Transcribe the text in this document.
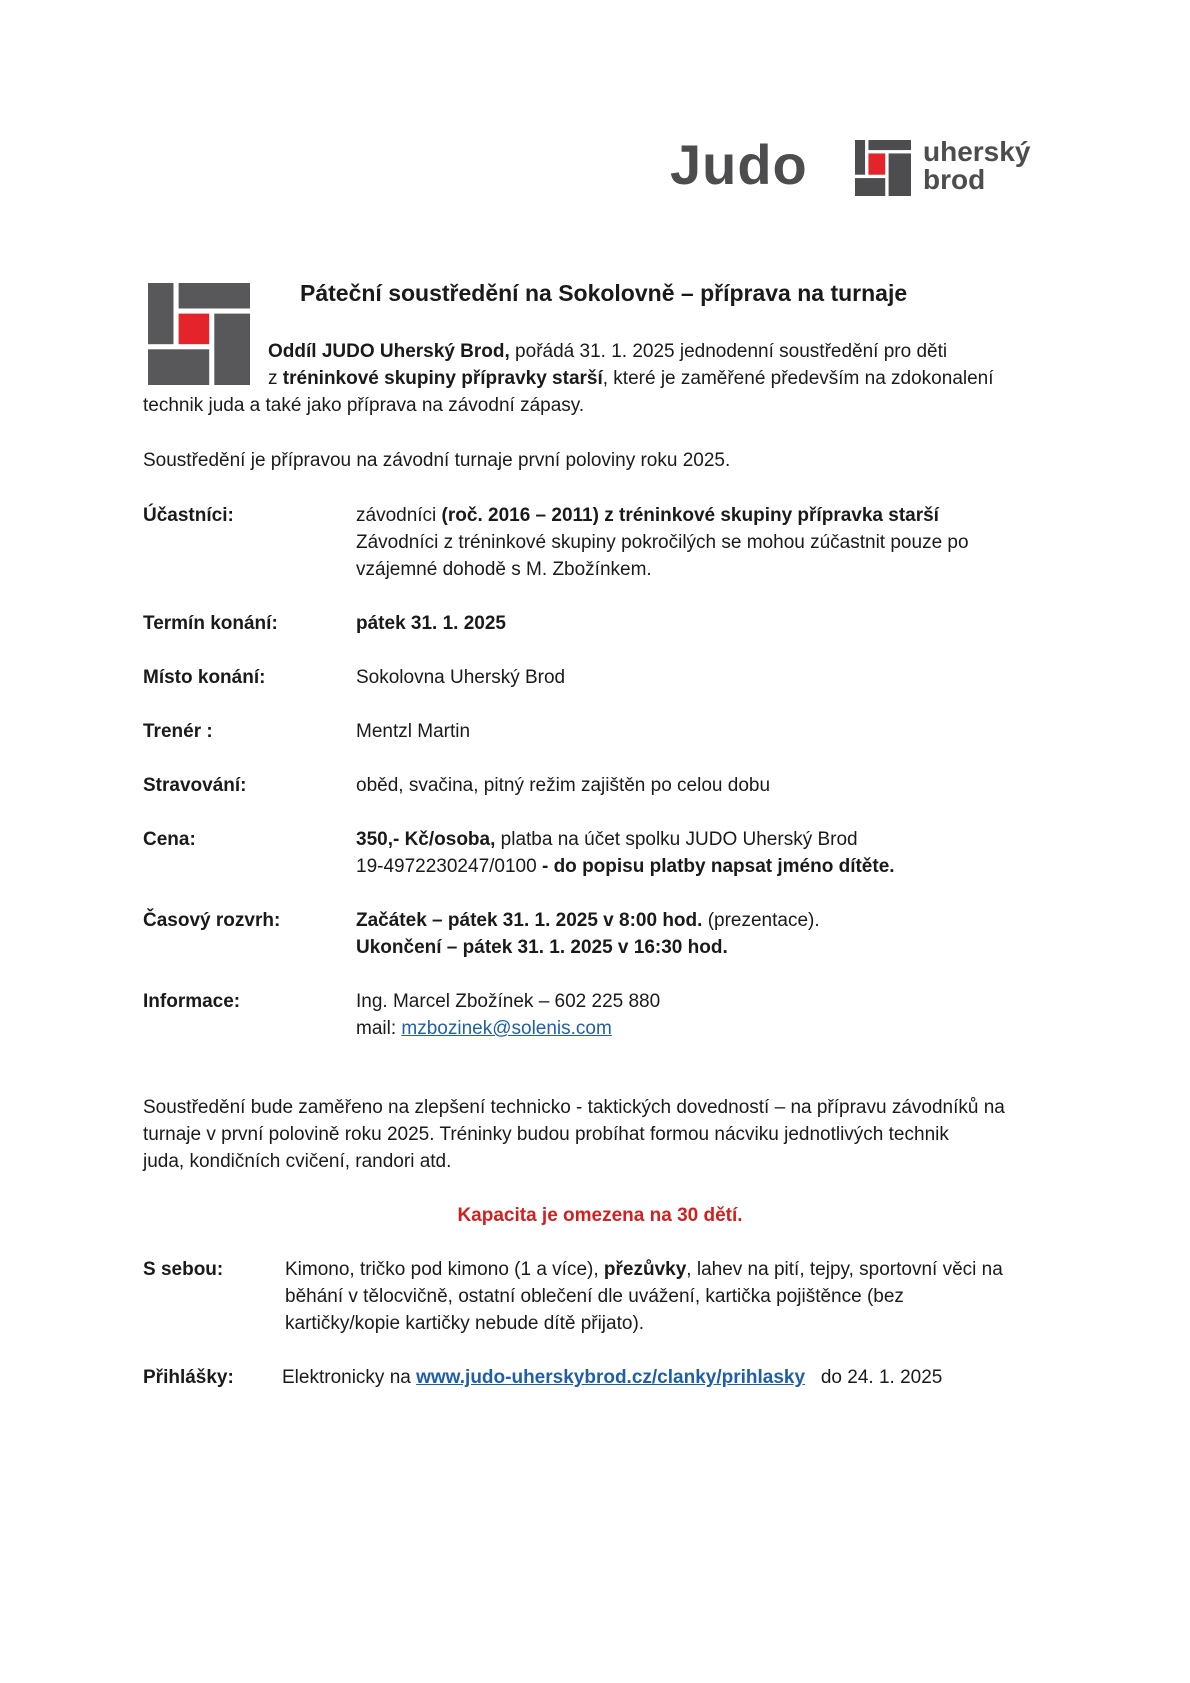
Judo	uherský
brod
Páteční soustředění na Sokolovně – příprava na turnaje
Oddíl JUDO Uherský Brod, pořádá 31. 1. 2025 jednodenní soustředění pro děti
z tréninkové skupiny přípravky starší, které je zaměřené především na zdokonalení
technik juda a také jako příprava na závodní zápasy.
Soustředění je přípravou na závodní turnaje první poloviny roku 2025.
Účastníci:	závodníci (roč. 2016 – 2011) z tréninkové skupiny přípravka starší
Závodníci z tréninkové skupiny pokročilých se mohou zúčastnit pouze po
vzájemné dohodě s M. Zbožínkem.
Termín konání:	pátek 31. 1. 2025
Místo konání:	Sokolovna Uherský Brod
Trenér :	Mentzl Martin
Stravování:	oběd, svačina, pitný režim zajištěn po celou dobu
Cena:	350,- Kč/osoba, platba na účet spolku JUDO Uherský Brod
19-4972230247/0100 - do popisu platby napsat jméno dítěte.
Časový rozvrh:	Začátek – pátek 31. 1. 2025 v 8:00 hod. (prezentace).
Ukončení – pátek 31. 1. 2025 v 16:30 hod.
Informace:	Ing. Marcel Zbožínek – 602 225 880
mail: mzbozinek@solenis.com
Soustředění bude zaměřeno na zlepšení technicko - taktických dovedností – na přípravu závodníků na
turnaje v první polovině roku 2025. Tréninky budou probíhat formou nácviku jednotlivých technik
juda, kondičních cvičení, randori atd.
Kapacita je omezena na 30 dětí.
S sebou:	Kimono, tričko pod kimono (1 a více), přezůvky, lahev na pití, tejpy, sportovní věci na
běhání v tělocvičně, ostatní oblečení dle uvážení, kartička pojištěnce (bez
kartičky/kopie kartičky nebude dítě přijato).
Přihlášky:	Elektronicky na www.judo-uherskybrod.cz/clanky/prihlasky   do 24. 1. 2025
